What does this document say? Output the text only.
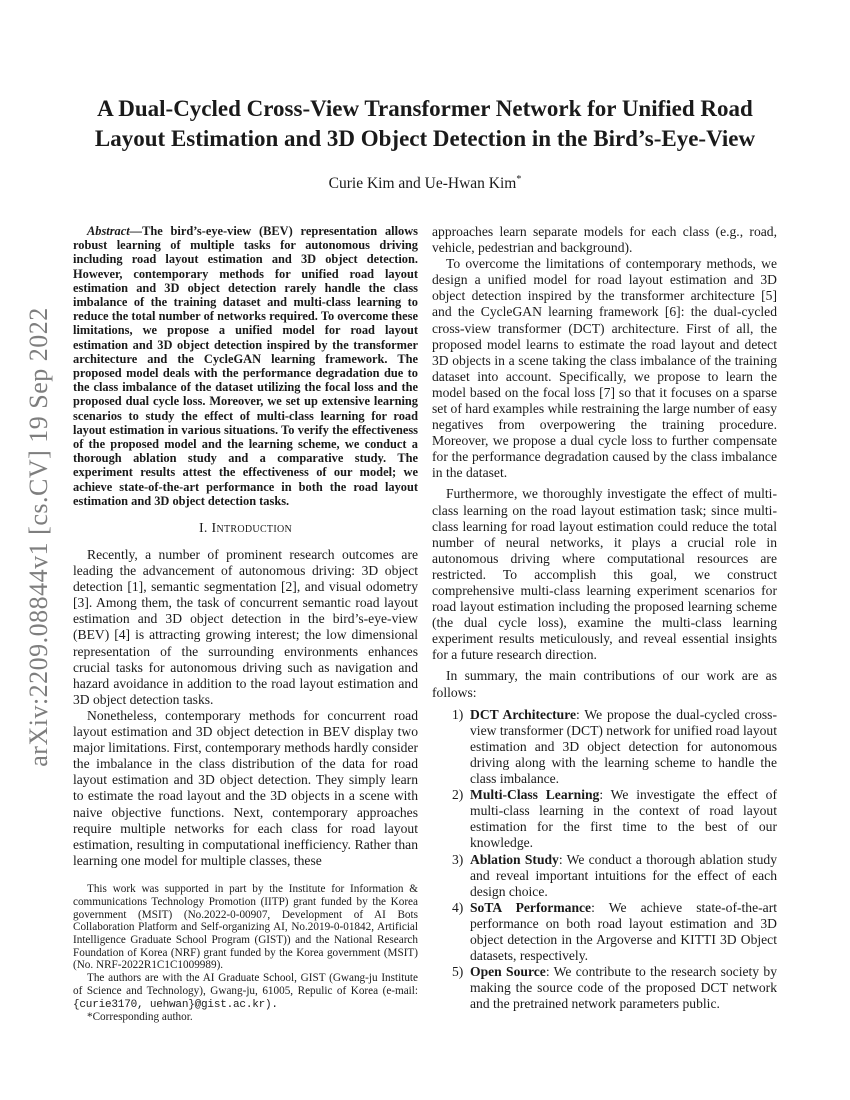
arXiv:2209.08844v1 [cs.CV] 19 Sep 2022
A Dual-Cycled Cross-View Transformer Network for Unified Road Layout Estimation and 3D Object Detection in the Bird’s-Eye-View
Curie Kim and Ue-Hwan Kim*

Abstract—The bird’s-eye-view (BEV) representation allows robust learning of multiple tasks for autonomous driving including road layout estimation and 3D object detection. However, contemporary methods for unified road layout estimation and 3D object detection rarely handle the class imbalance of the training dataset and multi-class learning to reduce the total number of networks required. To overcome these limitations, we propose a unified model for road layout estimation and 3D object detection inspired by the transformer architecture and the CycleGAN learning framework. The proposed model deals with the performance degradation due to the class imbalance of the dataset utilizing the focal loss and the proposed dual cycle loss. Moreover, we set up extensive learning scenarios to study the effect of multi-class learning for road layout estimation in various situations. To verify the effectiveness of the proposed model and the learning scheme, we conduct a thorough ablation study and a comparative study. The experiment results attest the effectiveness of our model; we achieve state-of-the-art performance in both the road layout estimation and 3D object detection tasks.

I. Introduction

Recently, a number of prominent research outcomes are leading the advancement of autonomous driving: 3D object detection [1], semantic segmentation [2], and visual odometry [3]. Among them, the task of concurrent semantic road layout estimation and 3D object detection in the bird’s-eye-view (BEV) [4] is attracting growing interest; the low dimensional representation of the surrounding environments enhances crucial tasks for autonomous driving such as navigation and hazard avoidance in addition to the road layout estimation and 3D object detection tasks.

Nonetheless, contemporary methods for concurrent road layout estimation and 3D object detection in BEV display two major limitations. First, contemporary methods hardly consider the imbalance in the class distribution of the data for road layout estimation and 3D object detection. They simply learn to estimate the road layout and the 3D objects in a scene with naive objective functions. Next, contemporary approaches require multiple networks for each class for road layout estimation, resulting in computational inefficiency. Rather than learning one model for multiple classes, these

This work was supported in part by the Institute for Information & communications Technology Promotion (IITP) grant funded by the Korea government (MSIT) (No.2022-0-00907, Development of AI Bots Collaboration Platform and Self-organizing AI, No.2019-0-01842, Artificial Intelligence Graduate School Program (GIST)) and the National Research Foundation of Korea (NRF) grant funded by the Korea government (MSIT) (No. NRF-2022R1C1C1009989).

The authors are with the AI Graduate School, GIST (Gwang-ju Institute of Science and Technology), Gwang-ju, 61005, Repulic of Korea (e-mail: {curie3170, uehwan}@gist.ac.kr).

*Corresponding author.

approaches learn separate models for each class (e.g., road, vehicle, pedestrian and background).

To overcome the limitations of contemporary methods, we design a unified model for road layout estimation and 3D object detection inspired by the transformer architecture [5] and the CycleGAN learning framework [6]: the dual-cycled cross-view transformer (DCT) architecture. First of all, the proposed model learns to estimate the road layout and detect 3D objects in a scene taking the class imbalance of the training dataset into account. Specifically, we propose to learn the model based on the focal loss [7] so that it focuses on a sparse set of hard examples while restraining the large number of easy negatives from overpowering the training procedure. Moreover, we propose a dual cycle loss to further compensate for the performance degradation caused by the class imbalance in the dataset.

Furthermore, we thoroughly investigate the effect of multi-class learning on the road layout estimation task; since multi-class learning for road layout estimation could reduce the total number of neural networks, it plays a crucial role in autonomous driving where computational resources are restricted. To accomplish this goal, we construct comprehensive multi-class learning experiment scenarios for road layout estimation including the proposed learning scheme (the dual cycle loss), examine the multi-class learning experiment results meticulously, and reveal essential insights for a future research direction.

In summary, the main contributions of our work are as follows:

1) DCT Architecture: We propose the dual-cycled cross-view transformer (DCT) network for unified road layout estimation and 3D object detection for autonomous driving along with the learning scheme to handle the class imbalance.
2) Multi-Class Learning: We investigate the effect of multi-class learning in the context of road layout estimation for the first time to the best of our knowledge.
3) Ablation Study: We conduct a thorough ablation study and reveal important intuitions for the effect of each design choice.
4) SoTA Performance: We achieve state-of-the-art performance on both road layout estimation and 3D object detection in the Argoverse and KITTI 3D Object datasets, respectively.
5) Open Source: We contribute to the research society by making the source code of the proposed DCT network and the pretrained network parameters public.
